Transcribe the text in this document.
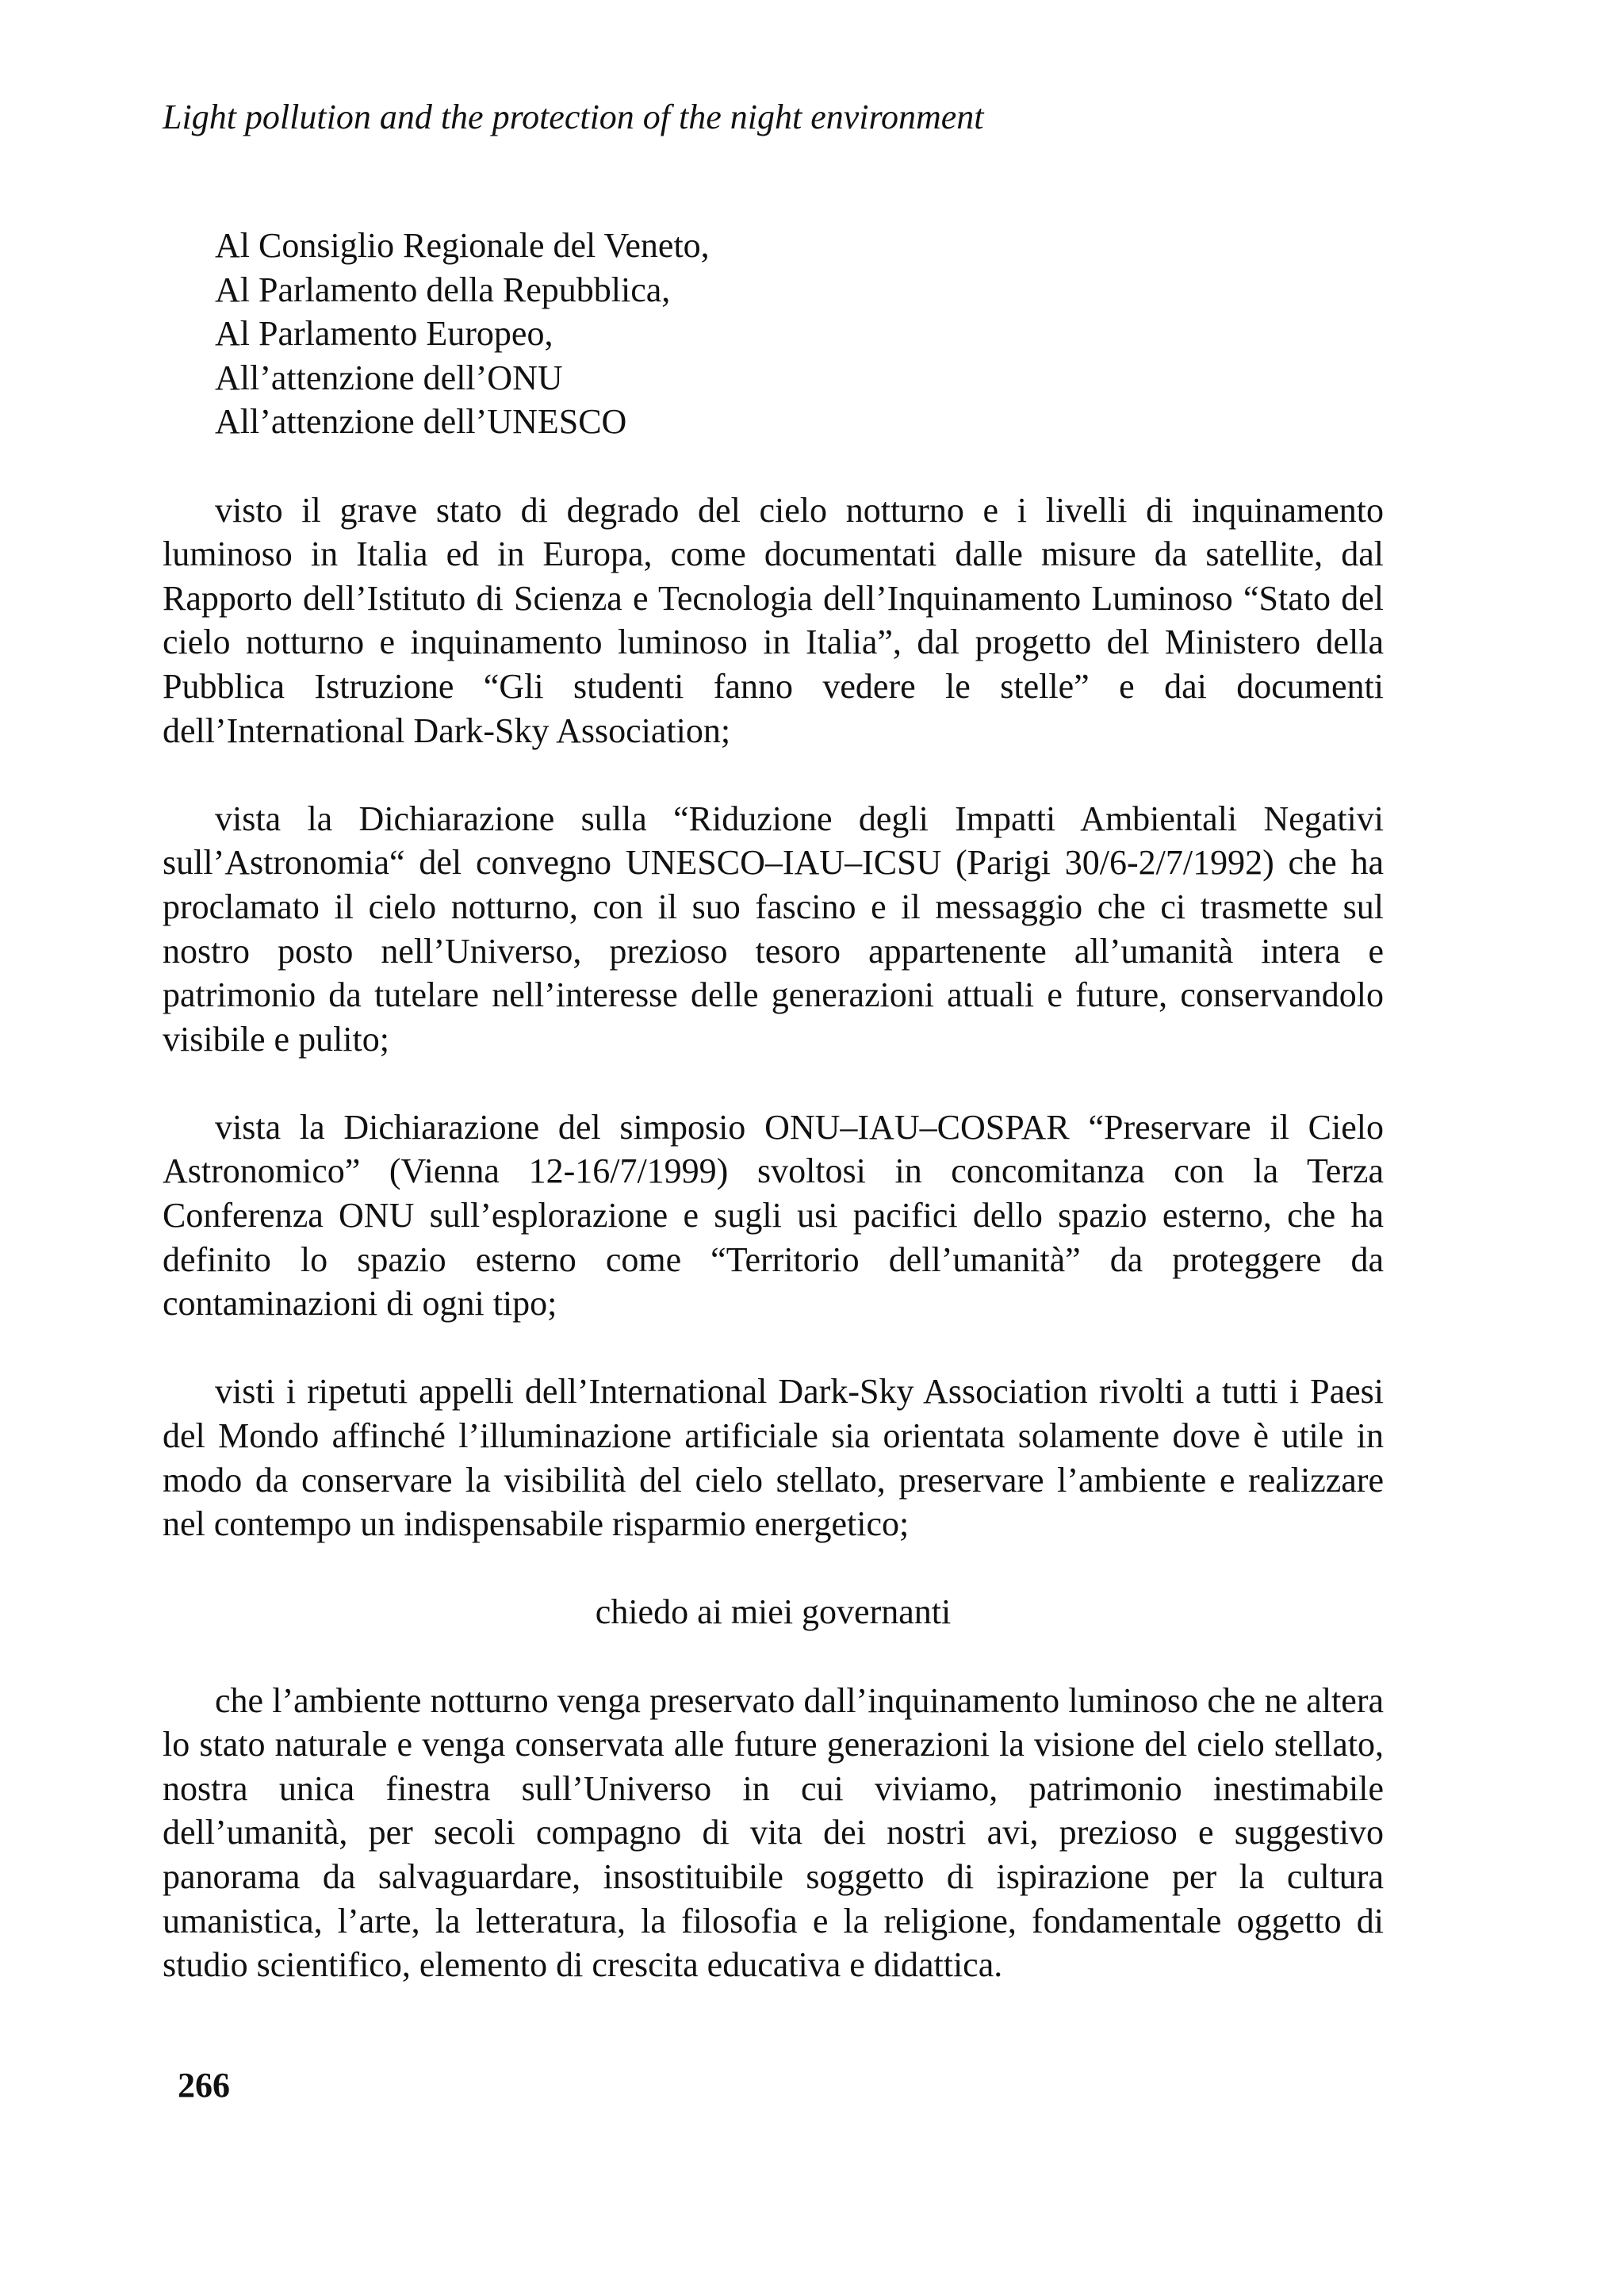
Light pollution and the protection of the night environment

Al Consiglio Regionale del Veneto,
Al Parlamento della Repubblica,
Al Parlamento Europeo,
All’attenzione dell’ONU
All’attenzione dell’UNESCO

visto il grave stato di degrado del cielo notturno e i livelli di inquinamento luminoso in Italia ed in Europa, come documentati dalle misure da satellite, dal Rapporto dell’Istituto di Scienza e Tecnologia dell’Inquinamento Luminoso “Stato del cielo notturno e inquinamento luminoso in Italia”, dal progetto del Ministero della Pubblica Istruzione “Gli studenti fanno vedere le stelle” e dai documenti dell’International Dark-Sky Association;

vista la Dichiarazione sulla “Riduzione degli Impatti Ambientali Negativi sull’Astronomia“ del convegno UNESCO–IAU–ICSU (Parigi 30/6-2/7/1992) che ha proclamato il cielo notturno, con il suo fascino e il messaggio che ci trasmette sul nostro posto nell’Universo, prezioso tesoro appartenente all’umanità intera e patrimonio da tutelare nell’interesse delle generazioni attuali e future, conservandolo visibile e pulito;

vista la Dichiarazione del simposio ONU–IAU–COSPAR “Preservare il Cielo Astronomico” (Vienna 12-16/7/1999) svoltosi in concomitanza con la Terza Conferenza ONU sull’esplorazione e sugli usi pacifici dello spazio esterno, che ha definito lo spazio esterno come “Territorio dell’umanità” da proteggere da contaminazioni di ogni tipo;

visti i ripetuti appelli dell’International Dark-Sky Association rivolti a tutti i Paesi del Mondo affinché l’illuminazione artificiale sia orientata solamente dove è utile in modo da conservare la visibilità del cielo stellato, preservare l’ambiente e realizzare nel contempo un indispensabile risparmio energetico;

chiedo ai miei governanti

che l’ambiente notturno venga preservato dall’inquinamento luminoso che ne altera lo stato naturale e venga conservata alle future generazioni la visione del cielo stellato, nostra unica finestra sull’Universo in cui viviamo, patrimonio inestimabile dell’umanità, per secoli compagno di vita dei nostri avi, prezioso e suggestivo panorama da salvaguardare, insostituibile soggetto di ispirazione per la cultura umanistica, l’arte, la letteratura, la filosofia e la religione, fondamentale oggetto di studio scientifico, elemento di crescita educativa e didattica.

266
